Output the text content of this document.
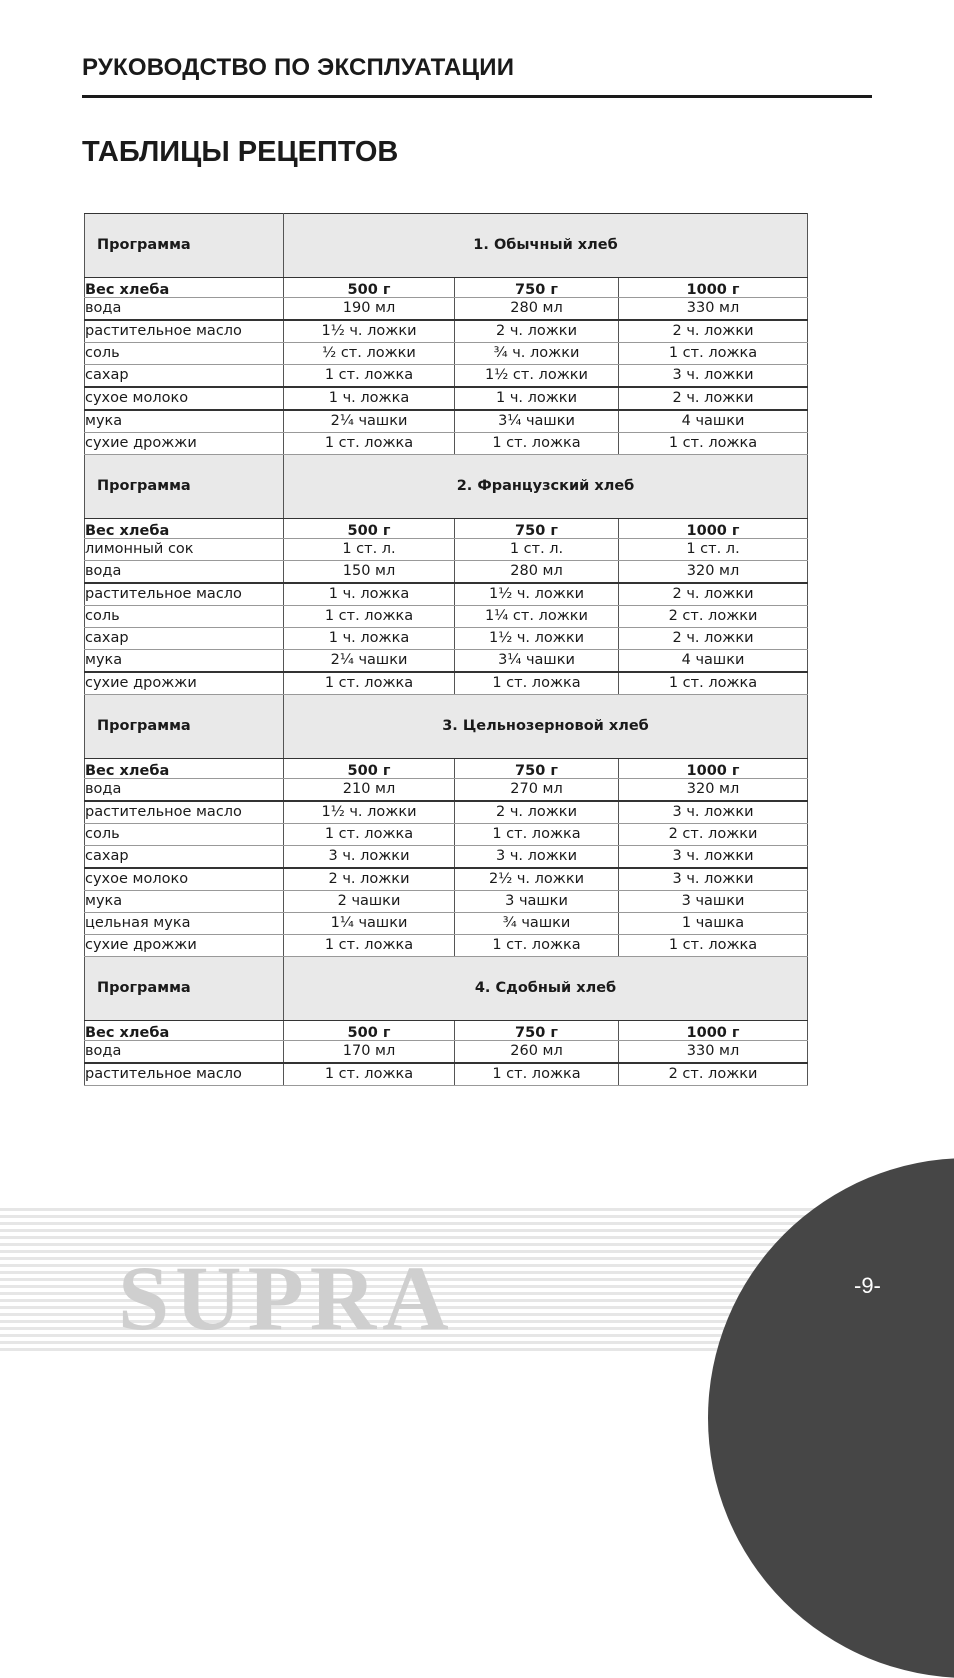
РУКОВОДСТВО ПО ЭКСПЛУАТАЦИИ
ТАБЛИЦЫ РЕЦЕПТОВ
Программа	1. Обычный хлеб		
Вес хлеба	500 г	750 г	1000 г
вода	190 мл	280 мл	330 мл
растительное масло	1½ ч. ложки	2 ч. ложки	2 ч. ложки
соль	½ ст. ложки	¾ ч. ложки	1 ст. ложка
сахар	1 ст. ложка	1½ ст. ложки	3 ч. ложки
сухое молоко	1 ч. ложка	1 ч. ложки	2 ч. ложки
мука	2¼ чашки	3¼ чашки	4 чашки
сухие дрожжи	1 ст. ложка	1 ст. ложка	1 ст. ложка
Программа	2. Французский хлеб		
Вес хлеба	500 г	750 г	1000 г
лимонный сок	1 ст. л.	1 ст. л.	1 ст. л.
вода	150 мл	280 мл	320 мл
растительное масло	1 ч. ложка	1½ ч. ложки	2 ч. ложки
соль	1 ст. ложка	1¼ ст. ложки	2 ст. ложки
сахар	1 ч. ложка	1½ ч. ложки	2 ч. ложки
мука	2¼ чашки	3¼ чашки	4 чашки
сухие дрожжи	1 ст. ложка	1 ст. ложка	1 ст. ложка
Программа	3. Цельнозерновой хлеб		
Вес хлеба	500 г	750 г	1000 г
вода	210 мл	270 мл	320 мл
растительное масло	1½ ч. ложки	2 ч. ложки	3 ч. ложки
соль	1 ст. ложка	1 ст. ложка	2 ст. ложки
сахар	3 ч. ложки	3 ч. ложки	3 ч. ложки
сухое молоко	2 ч. ложки	2½ ч. ложки	3 ч. ложки
мука	2 чашки	3 чашки	3 чашки
цельная мука	1¼ чашки	¾ чашки	1 чашка
сухие дрожжи	1 ст. ложка	1 ст. ложка	1 ст. ложка
Программа	4. Сдобный хлеб		
Вес хлеба	500 г	750 г	1000 г
вода	170 мл	260 мл	330 мл
растительное масло	1 ст. ложка	1 ст. ложка	2 ст. ложки
SUPRA	-9-
